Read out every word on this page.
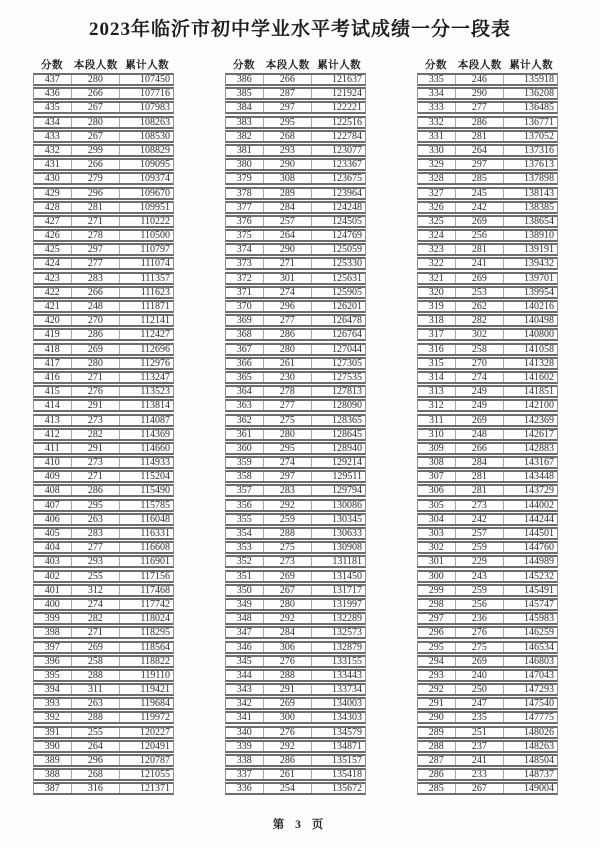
2023年临沂市初中学业水平考试成绩一分一段表
分数	本段人数 累计人数
437	280	107450
436	266	107716
435	267	107983
434	280	108263
433	267	108530
432	299	108829
431	266	109095
430	279	109374
429	296	109670
428	281	109951
427	271	110222
426	278	110500
425	297	110797
424	277	111074
423	283	111357
422	266	111623
421	248	111871
420	270	112141
419	286	112427
418	269	112696
417	280	112976
416	271	113247
415	276	113523
414	291	113814
413	273	114087
412	282	114369
411	291	114660
410	273	114933
409	271	115204
408	286	115490
407	295	115785
406	263	116048
405	283	116331
404	277	116608
403	293	116901
402	255	117156
401	312	117468
400	274	117742
399	282	118024
398	271	118295
397	269	118564
396	258	118822
395	288	119110
394	311	119421
393	263	119684
392	288	119972
391	255	120227
390	264	120491
389	296	120787
388	268	121055
387	316	121371
分数	本段人数 累计人数
386	266	121637
385	287	121924
384	297	122221
383	295	122516
382	268	122784
381	293	123077
380	290	123367
379	308	123675
378	289	123964
377	284	124248
376	257	124505
375	264	124769
374	290	125059
373	271	125330
372	301	125631
371	274	125905
370	296	126201
369	277	126478
368	286	126764
367	280	127044
366	261	127305
365	230	127535
364	278	127813
363	277	128090
362	275	128365
361	280	128645
360	295	128940
359	274	129214
358	297	129511
357	283	129794
356	292	130086
355	259	130345
354	288	130633
353	275	130908
352	273	131181
351	269	131450
350	267	131717
349	280	131997
348	292	132289
347	284	132573
346	306	132879
345	276	133155
344	288	133443
343	291	133734
342	269	134003
341	300	134303
340	276	134579
339	292	134871
338	286	135157
337	261	135418
336	254	135672
分数	本段人数 累计人数
335	246	135918
334	290	136208
333	277	136485
332	286	136771
331	281	137052
330	264	137316
329	297	137613
328	285	137898
327	245	138143
326	242	138385
325	269	138654
324	256	138910
323	281	139191
322	241	139432
321	269	139701
320	253	139954
319	262	140216
318	282	140498
317	302	140800
316	258	141058
315	270	141328
314	274	141602
313	249	141851
312	249	142100
311	269	142369
310	248	142617
309	266	142883
308	284	143167
307	281	143448
306	281	143729
305	273	144002
304	242	144244
303	257	144501
302	259	144760
301	229	144989
300	243	145232
299	259	145491
298	256	145747
297	236	145983
296	276	146259
295	275	146534
294	269	146803
293	240	147043
292	250	147293
291	247	147540
290	235	147775
289	251	148026
288	237	148263
287	241	148504
286	233	148737
285	267	149004
第 3 页
